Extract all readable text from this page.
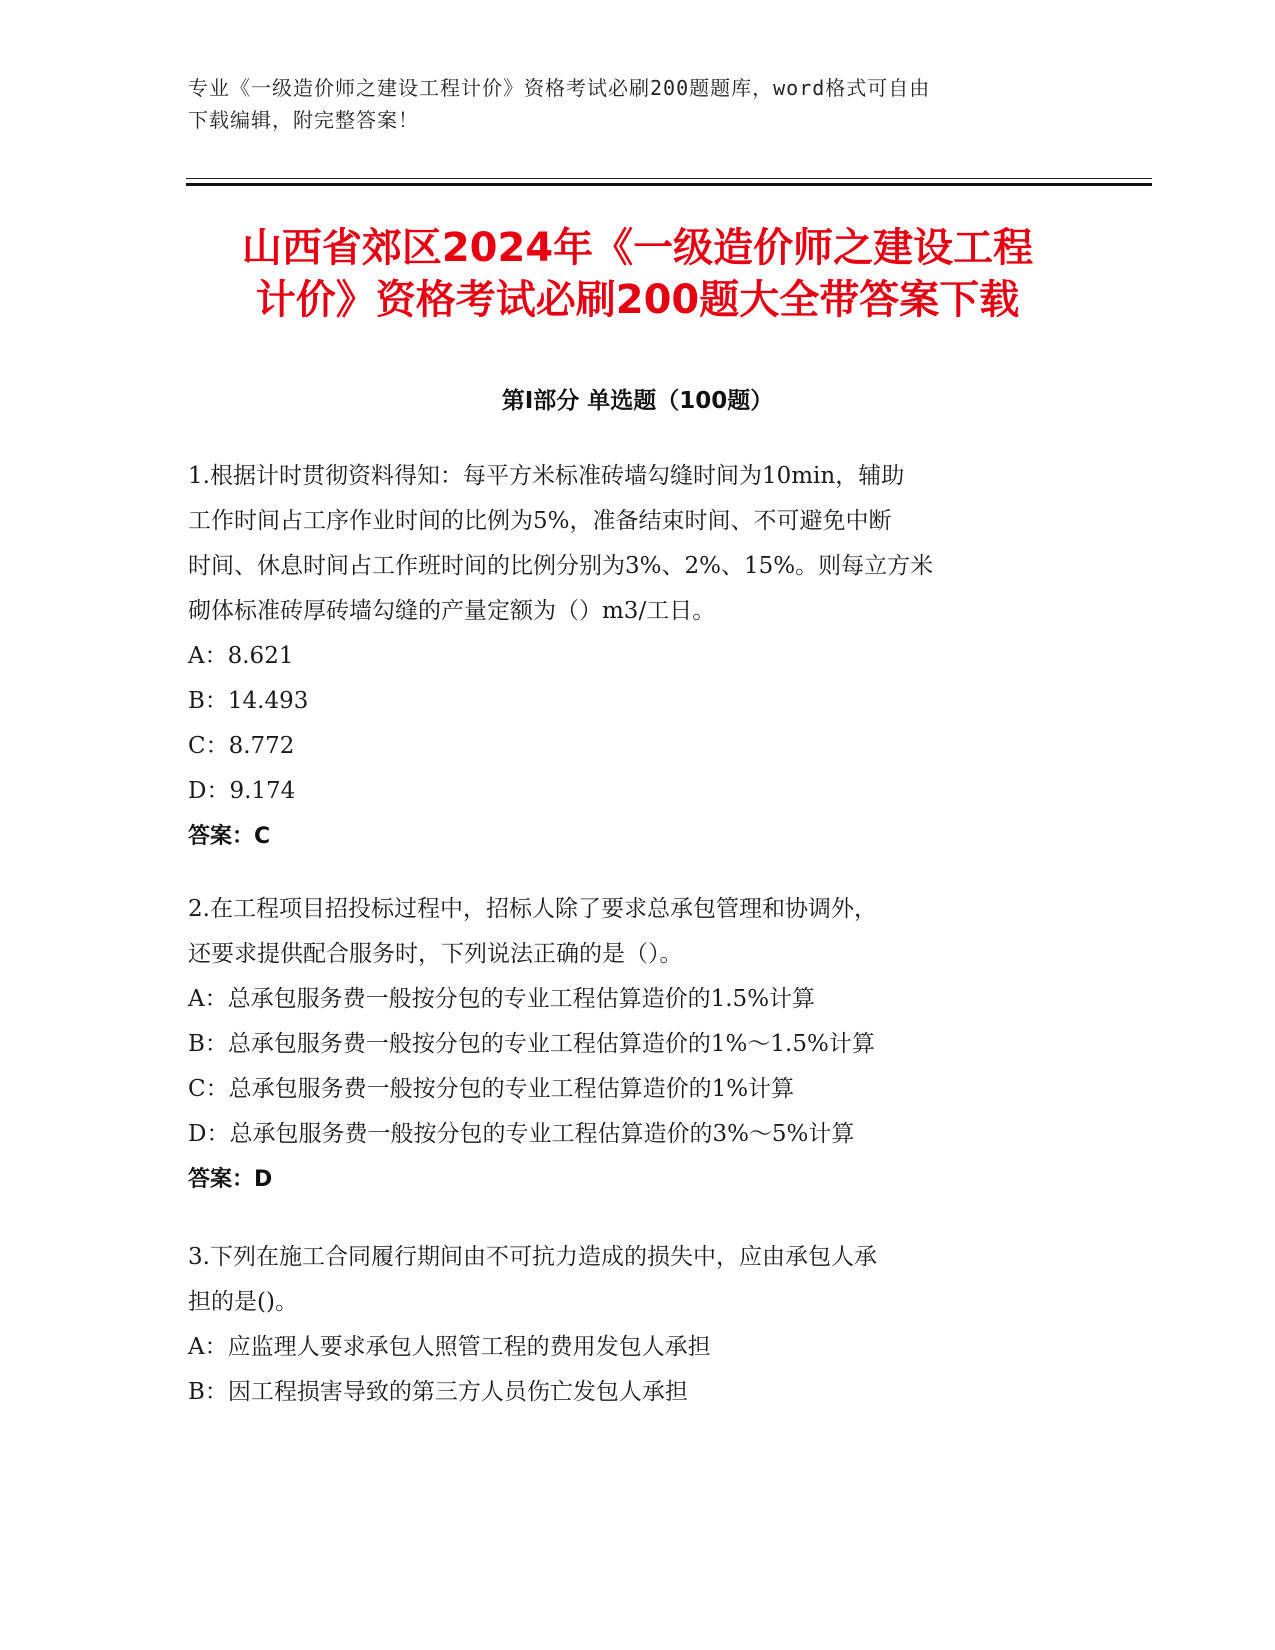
专业《一级造价师之建设工程计价》资格考试必刷200题题库，word格式可自由
下载编辑，附完整答案！
山西省郊区2024年《一级造价师之建设工程
计价》资格考试必刷200题大全带答案下载
第Ⅰ部分 单选题（100题）
1.根据计时贯彻资料得知：每平方米标准砖墙勾缝时间为10min，辅助
工作时间占工序作业时间的比例为5%，准备结束时间、不可避免中断
时间、休息时间占工作班时间的比例分别为3%、2%、15%。则每立方米
砌体标准砖厚砖墙勾缝的产量定额为（）m3/工日。
A：8.621
B：14.493
C：8.772
D：9.174
答案：C
2.在工程项目招投标过程中，招标人除了要求总承包管理和协调外，
还要求提供配合服务时，下列说法正确的是（）。
A：总承包服务费一般按分包的专业工程估算造价的1.5%计算
B：总承包服务费一般按分包的专业工程估算造价的1%～1.5%计算
C：总承包服务费一般按分包的专业工程估算造价的1%计算
D：总承包服务费一般按分包的专业工程估算造价的3%～5%计算
答案：D
3.下列在施工合同履行期间由不可抗力造成的损失中，应由承包人承
担的是()。
A：应监理人要求承包人照管工程的费用发包人承担
B：因工程损害导致的第三方人员伤亡发包人承担
